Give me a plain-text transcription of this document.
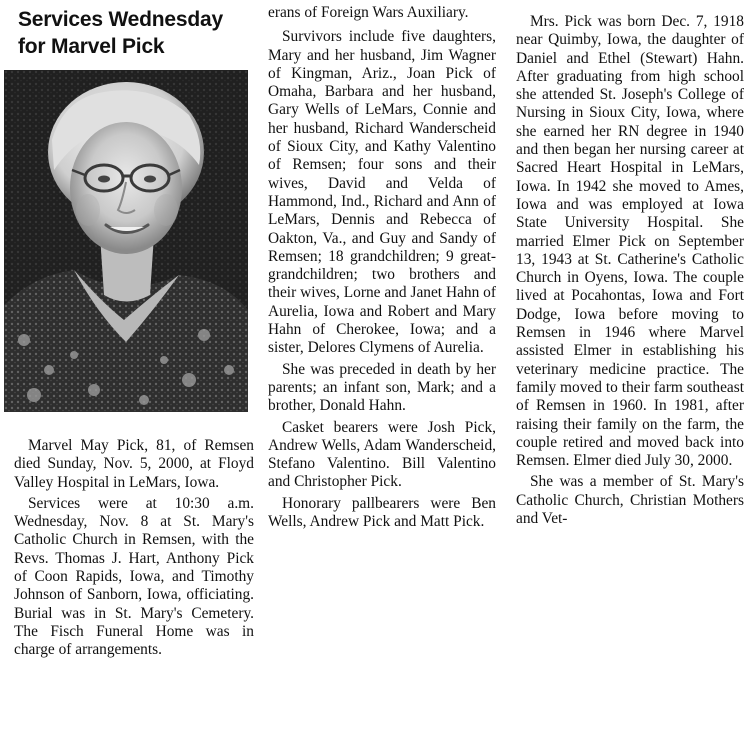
Services Wednesday
for Marvel Pick

Marvel May Pick, 81, of Remsen died Sunday, Nov. 5, 2000, at Floyd Valley Hospital in LeMars, Iowa.

Services were at 10:30 a.m. Wednesday, Nov. 8 at St. Mary's Catholic Church in Remsen, with the Revs. Thomas J. Hart, Anthony Pick of Coon Rapids, Iowa, and Timothy Johnson of Sanborn, Iowa, officiating. Burial was in St. Mary's Cemetery. The Fisch Funeral Home was in charge of arrangements.

erans of Foreign Wars Auxiliary.

Survivors include five daughters, Mary and her husband, Jim Wagner of Kingman, Ariz., Joan Pick of Omaha, Barbara and her husband, Gary Wells of LeMars, Connie and her husband, Richard Wanderscheid of Sioux City, and Kathy Valentino of Remsen; four sons and their wives, David and Velda of Hammond, Ind., Richard and Ann of LeMars, Dennis and Rebecca of Oakton, Va., and Guy and Sandy of Remsen; 18 grandchildren; 9 great-grandchildren; two brothers and their wives, Lorne and Janet Hahn of Aurelia, Iowa and Robert and Mary Hahn of Cherokee, Iowa; and a sister, Delores Clymens of Aurelia.

She was preceded in death by her parents; an infant son, Mark; and a brother, Donald Hahn.

Casket bearers were Josh Pick, Andrew Wells, Adam Wanderscheid, Stefano Valentino. Bill Valentino and Christopher Pick.

Honorary pallbearers were Ben Wells, Andrew Pick and Matt Pick.

Mrs. Pick was born Dec. 7, 1918 near Quimby, Iowa, the daughter of Daniel and Ethel (Stewart) Hahn. After graduating from high school she attended St. Joseph's College of Nursing in Sioux City, Iowa, where she earned her RN degree in 1940 and then began her nursing career at Sacred Heart Hospital in LeMars, Iowa. In 1942 she moved to Ames, Iowa and was employed at Iowa State University Hospital. She married Elmer Pick on September 13, 1943 at St. Catherine's Catholic Church in Oyens, Iowa. The couple lived at Pocahontas, Iowa and Fort Dodge, Iowa before moving to Remsen in 1946 where Marvel assisted Elmer in establishing his veterinary medicine practice. The family moved to their farm southeast of Remsen in 1960. In 1981, after raising their family on the farm, the couple retired and moved back into Remsen. Elmer died July 30, 2000.

She was a member of St. Mary's Catholic Church, Christian Mothers and Vet-
